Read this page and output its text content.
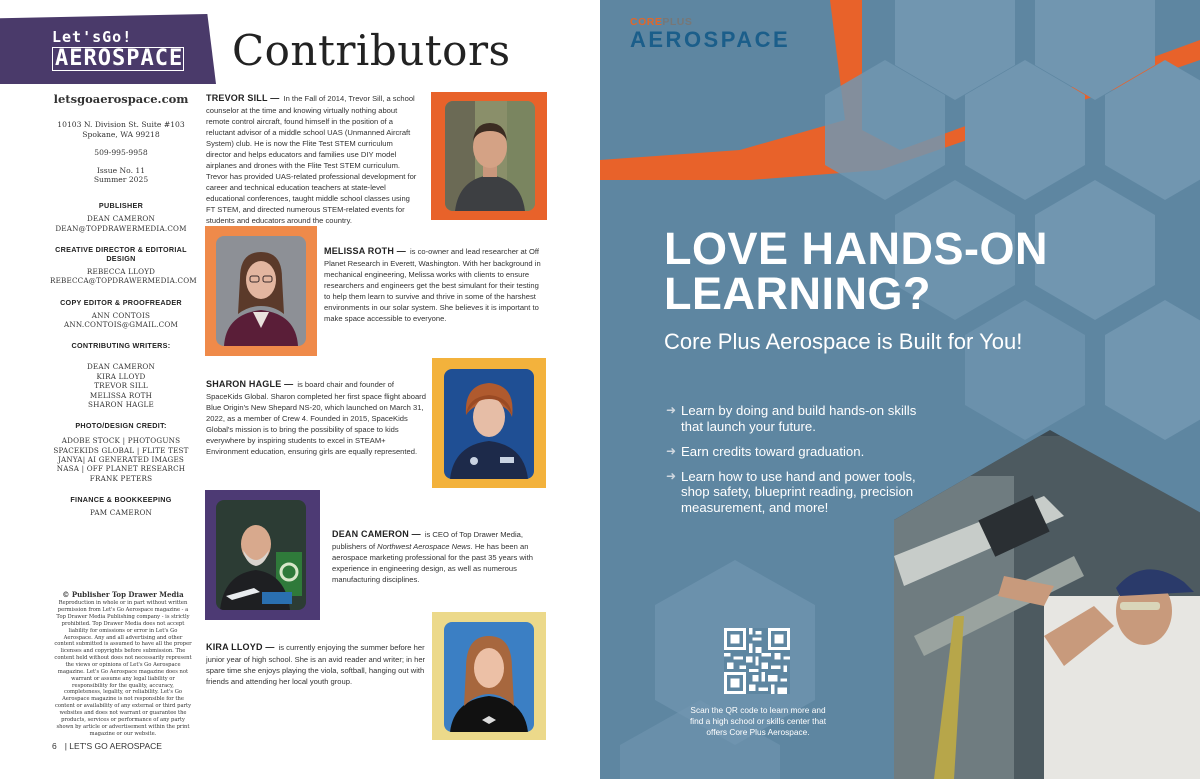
Let'sGo!
AEROSPACE Contributors
letsgoaerospace.com
10103 N. Division St. Suite #103
Spokane, WA 99218
509-995-9958
Issue No. 11
Summer 2025
PUBLISHER
DEAN CAMERON
DEAN@TOPDRAWERMEDIA.COM
CREATIVE DIRECTOR & EDITORIAL DESIGN
REBECCA LLOYD
REBECCA@TOPDRAWERMEDIA.COM
COPY EDITOR & PROOFREADER
ANN CONTOIS
ANN.CONTOIS@GMAIL.COM
CONTRIBUTING WRITERS:
DEAN CAMERON
KIRA LLOYD
TREVOR SILL
MELISSA ROTH
SHARON HAGLE
PHOTO/DESIGN CREDIT:
ADOBE STOCK | PHOTOGUNS
SPACEKIDS GLOBAL | FLITE TEST
JANYA| AI GENERATED IMAGES
NASA | OFF PLANET RESEARCH
FRANK PETERS
FINANCE & BOOKKEEPING
PAM CAMERON
© Publisher Top Drawer Media
Reproduction in whole or in part without written permission from Let's Go Aerospace magazine - a Top Drawer Media Publishing company - is strictly prohibited. Top Drawer Media does not accept liability for omissions or error in Let's Go Aerospace. Any and all advertising and other content submitted is assumed to have all the proper licenses and copyrights before submission. The content held without does not necessarily represent the views or opinions of Let's Go Aerospace magazine. Let's Go Aerospace magazine does not warrant or assume any legal liability or responsibility for the quality, accuracy, completeness, legality, or reliability. Let's Go Aerospace magazine is not responsible for the content or availability of any external or third party websites and does not warrant or guarantee the products, services or performance of any party shown by article or advertisement within the print magazine or our website.
6 | LET'S GO AEROSPACE
TREVOR SILL — In the Fall of 2014, Trevor Sill, a school counselor at the time and knowing virtually nothing about remote control aircraft, found himself in the position of a reluctant advisor of a middle school UAS (Unmanned Aircraft System) club. He is now the Flite Test STEM curriculum director and helps educators and families use DIY model airplanes and drones with the Flite Test STEM curriculum. Trevor has provided UAS-related professional development for career and technical education teachers at state-level educational conferences, taught middle school classes using FT STEM, and directed numerous STEM-related events for students and educators around the country.
MELISSA ROTH — is co-owner and lead researcher at Off Planet Research in Everett, Washington. With her background in mechanical engineering, Melissa works with clients to ensure researchers and engineers get the best simulant for their testing to help them learn to survive and thrive in some of the harshest environments in our solar system. She believes it is important to make space accessible to everyone.
SHARON HAGLE — is board chair and founder of SpaceKids Global. Sharon completed her first space flight aboard Blue Origin's New Shepard NS-20, which launched on March 31, 2022, as a member of Crew 4. Founded in 2015, SpaceKids Global's mission is to bring the possibility of space to kids everywhere by inspiring students to excel in STEAM+ Environment education, ensuring girls are equally represented.
DEAN CAMERON — is CEO of Top Drawer Media, publishers of Northwest Aerospace News. He has been an aerospace marketing professional for the past 35 years with experience in engineering design, as well as numerous manufacturing disciplines.
KIRA LLOYD — is currently enjoying the summer before her junior year of high school. She is an avid reader and writer; in her spare time she enjoys playing the viola, softball, hanging out with friends and attending her local youth group.
COREPLUS
AEROSPACE
LOVE HANDS-ON LEARNING?
Core Plus Aerospace is Built for You!
➜ Learn by doing and build hands-on skills that launch your future.
➜ Earn credits toward graduation.
➜ Learn how to use hand and power tools, shop safety, blueprint reading, precision measurement, and more!
Scan the QR code to learn more and find a high school or skills center that offers Core Plus Aerospace.
